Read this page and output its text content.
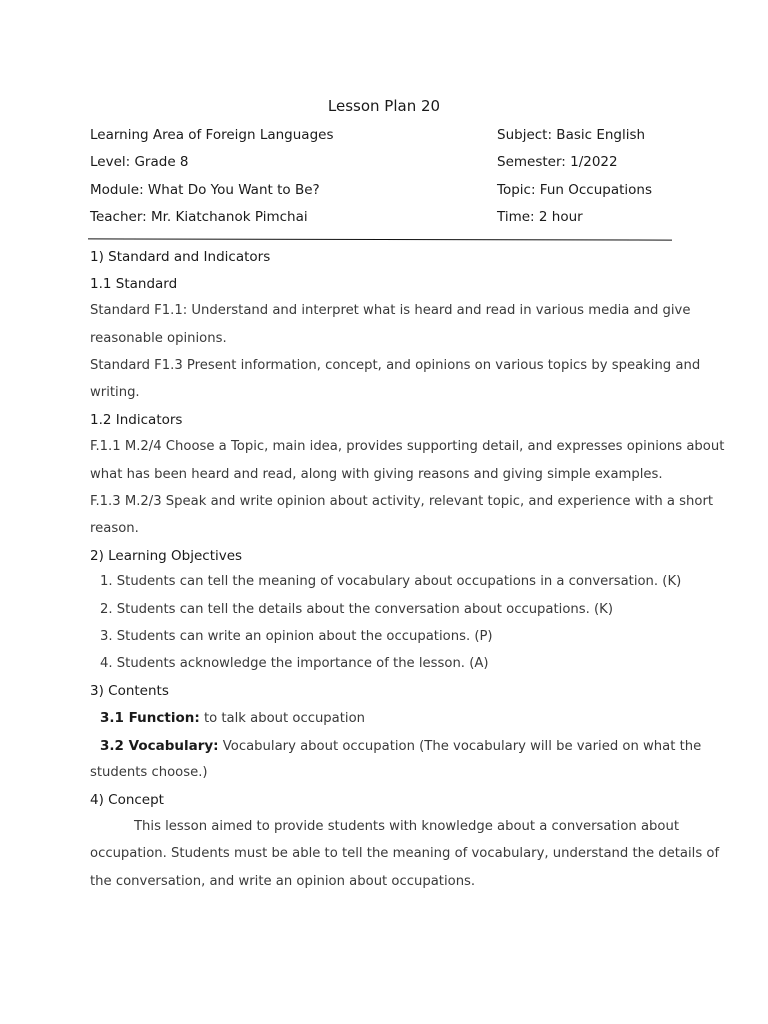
Lesson Plan 20
Learning Area of Foreign Languages	Subject: Basic English
Level: Grade 8	Semester: 1/2022
Module: What Do You Want to Be?	Topic: Fun Occupations
Teacher: Mr. Kiatchanok Pimchai	Time: 2 hour
1) Standard and Indicators
1.1 Standard
Standard F1.1: Understand and interpret what is heard and read in various media and give
reasonable opinions.
Standard F1.3 Present information, concept, and opinions on various topics by speaking and
writing.
1.2 Indicators
F.1.1 M.2/4 Choose a Topic, main idea, provides supporting detail, and expresses opinions about
what has been heard and read, along with giving reasons and giving simple examples.
F.1.3 M.2/3 Speak and write opinion about activity, relevant topic, and experience with a short
reason.
2) Learning Objectives
1. Students can tell the meaning of vocabulary about occupations in a conversation. (K)
2. Students can tell the details about the conversation about occupations. (K)
3. Students can write an opinion about the occupations. (P)
4. Students acknowledge the importance of the lesson. (A)
3) Contents
3.1 Function: to talk about occupation
3.2 Vocabulary: Vocabulary about occupation (The vocabulary will be varied on what the
students choose.)
4) Concept
This lesson aimed to provide students with knowledge about a conversation about
occupation. Students must be able to tell the meaning of vocabulary, understand the details of
the conversation, and write an opinion about occupations.
